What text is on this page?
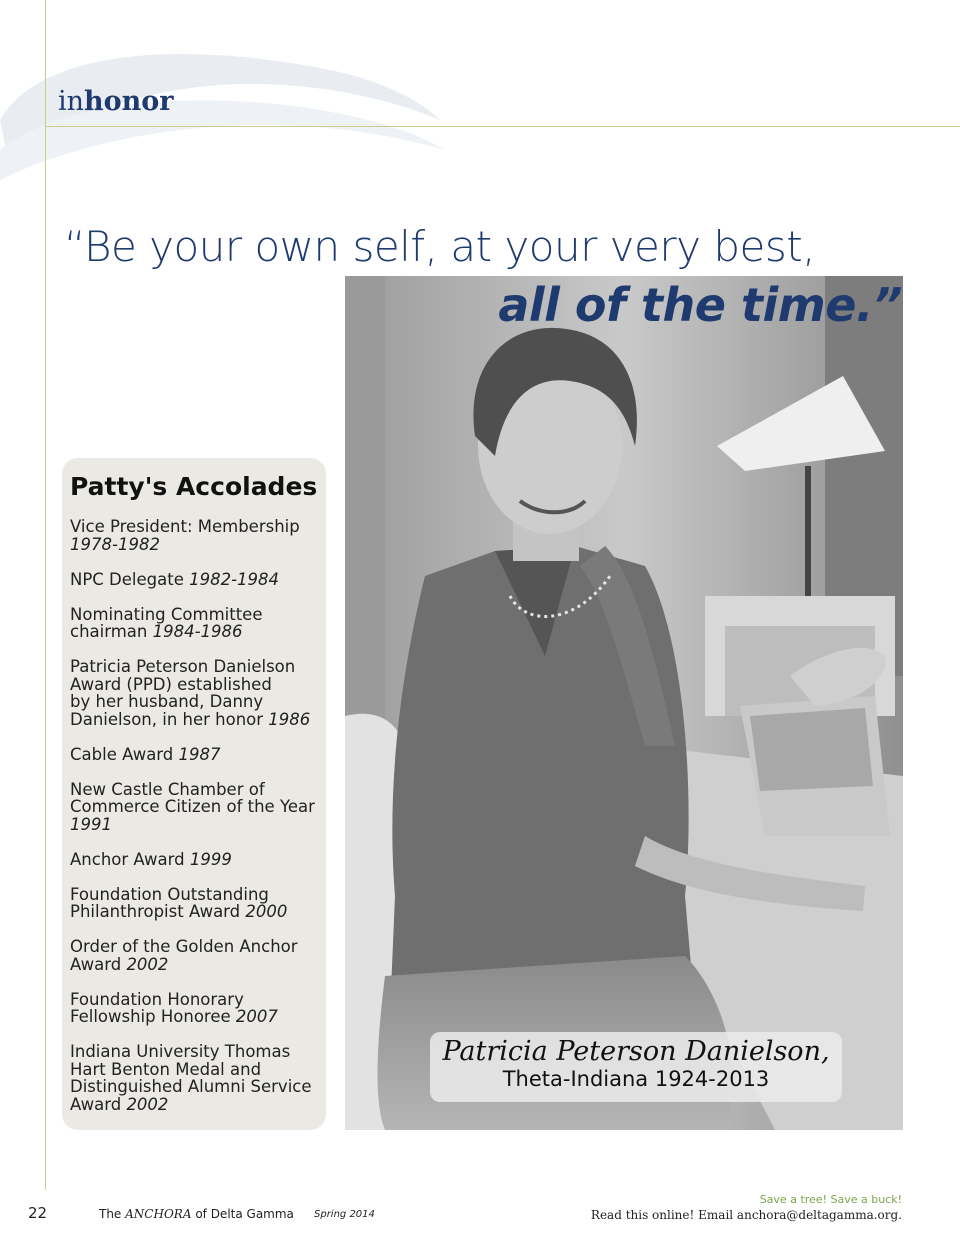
inhonor
“Be your own self, at your very best,
all of the time.”
Patricia Peterson Danielson,
Theta-Indiana 1924-2013
Patty's Accolades
Vice President: Membership
1978-1982
NPC Delegate 1982-1984
Nominating Committee
chairman 1984-1986
Patricia Peterson Danielson
Award (PPD) established
by her husband, Danny
Danielson, in her honor 1986
Cable Award 1987
New Castle Chamber of
Commerce Citizen of the Year
1991
Anchor Award 1999
Foundation Outstanding
Philanthropist Award 2000
Order of the Golden Anchor
Award 2002
Foundation Honorary
Fellowship Honoree 2007
Indiana University Thomas
Hart Benton Medal and
Distinguished Alumni Service
Award 2002
22	The ANCHORA of Delta Gamma Spring 2014
Save a tree! Save a buck!
Read this online! Email anchora@deltagamma.org.
